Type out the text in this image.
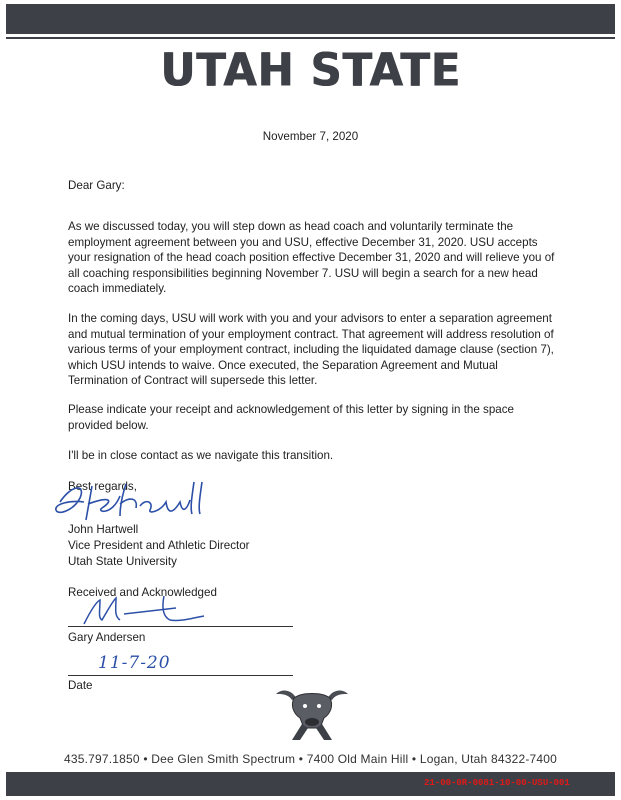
UTAH STATE
November 7, 2020
Dear Gary:
As we discussed today, you will step down as head coach and voluntarily terminate the employment agreement between you and USU, effective December 31, 2020. USU accepts your resignation of the head coach position effective December 31, 2020 and will relieve you of all coaching responsibilities beginning November 7. USU will begin a search for a new head coach immediately.
In the coming days, USU will work with you and your advisors to enter a separation agreement and mutual termination of your employment contract. That agreement will address resolution of various terms of your employment contract, including the liquidated damage clause (section 7), which USU intends to waive. Once executed, the Separation Agreement and Mutual Termination of Contract will supersede this letter.
Please indicate your receipt and acknowledgement of this letter by signing in the space provided below.
I'll be in close contact as we navigate this transition.
Best regards,
John Hartwell
Vice President and Athletic Director
Utah State University
Received and Acknowledged
Gary Andersen
11-7-20
Date
435.797.1850 • Dee Glen Smith Spectrum • 7400 Old Main Hill • Logan, Utah 84322-7400
21-00-0R-0081-10-00-USU-001
